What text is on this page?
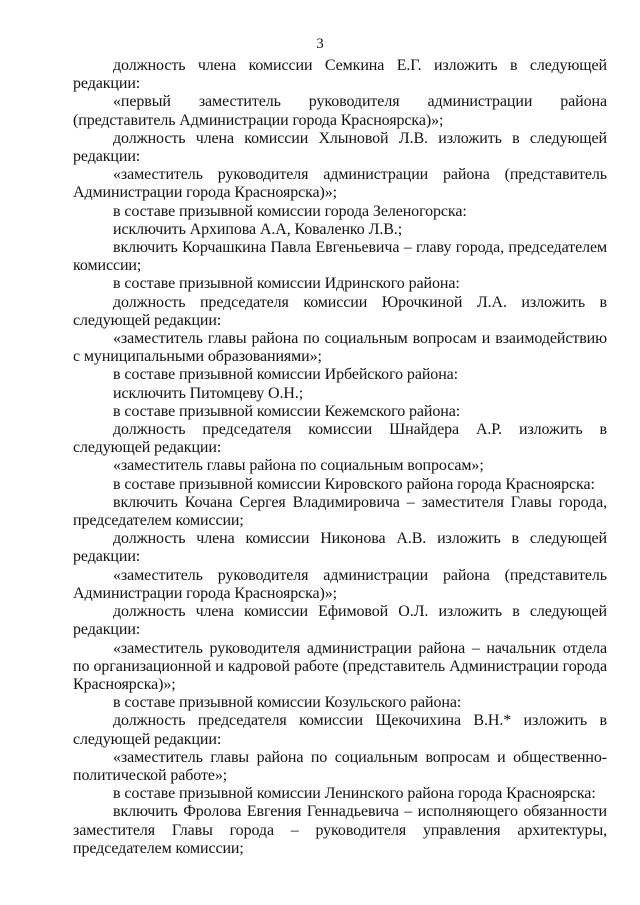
3

должность члена комиссии Семкина Е.Г. изложить в следующей редакции:

«первый заместитель руководителя администрации района (представитель Администрации города Красноярска)»;

должность члена комиссии Хлыновой Л.В. изложить в следующей редакции:

«заместитель руководителя администрации района (представитель Администрации города Красноярска)»;

в составе призывной комиссии города Зеленогорска:

исключить Архипова А.А, Коваленко Л.В.;

включить Корчашкина Павла Евгеньевича – главу города, председателем комиссии;

в составе призывной комиссии Идринского района:

должность председателя комиссии Юрочкиной Л.А. изложить в следующей редакции:

«заместитель главы района по социальным вопросам и взаимодействию с муниципальными образованиями»;

в составе призывной комиссии Ирбейского района:

исключить Питомцеву О.Н.;

в составе призывной комиссии Кежемского района:

должность председателя комиссии Шнайдера А.Р. изложить в следующей редакции:

«заместитель главы района по социальным вопросам»;

в составе призывной комиссии Кировского района города Красноярска:

включить Кочана Сергея Владимировича – заместителя Главы города, председателем комиссии;

должность члена комиссии Никонова А.В. изложить в следующей редакции:

«заместитель руководителя администрации района (представитель Администрации города Красноярска)»;

должность члена комиссии Ефимовой О.Л. изложить в следующей редакции:

«заместитель руководителя администрации района – начальник отдела по организационной и кадровой работе (представитель Администрации города Красноярска)»;

в составе призывной комиссии Козульского района:

должность председателя комиссии Щекочихина В.Н.* изложить в следующей редакции:

«заместитель главы района по социальным вопросам и общественно-политической работе»;

в составе призывной комиссии Ленинского района города Красноярска:

включить Фролова Евгения Геннадьевича – исполняющего обязанности заместителя Главы города – руководителя управления архитектуры, председателем комиссии;
